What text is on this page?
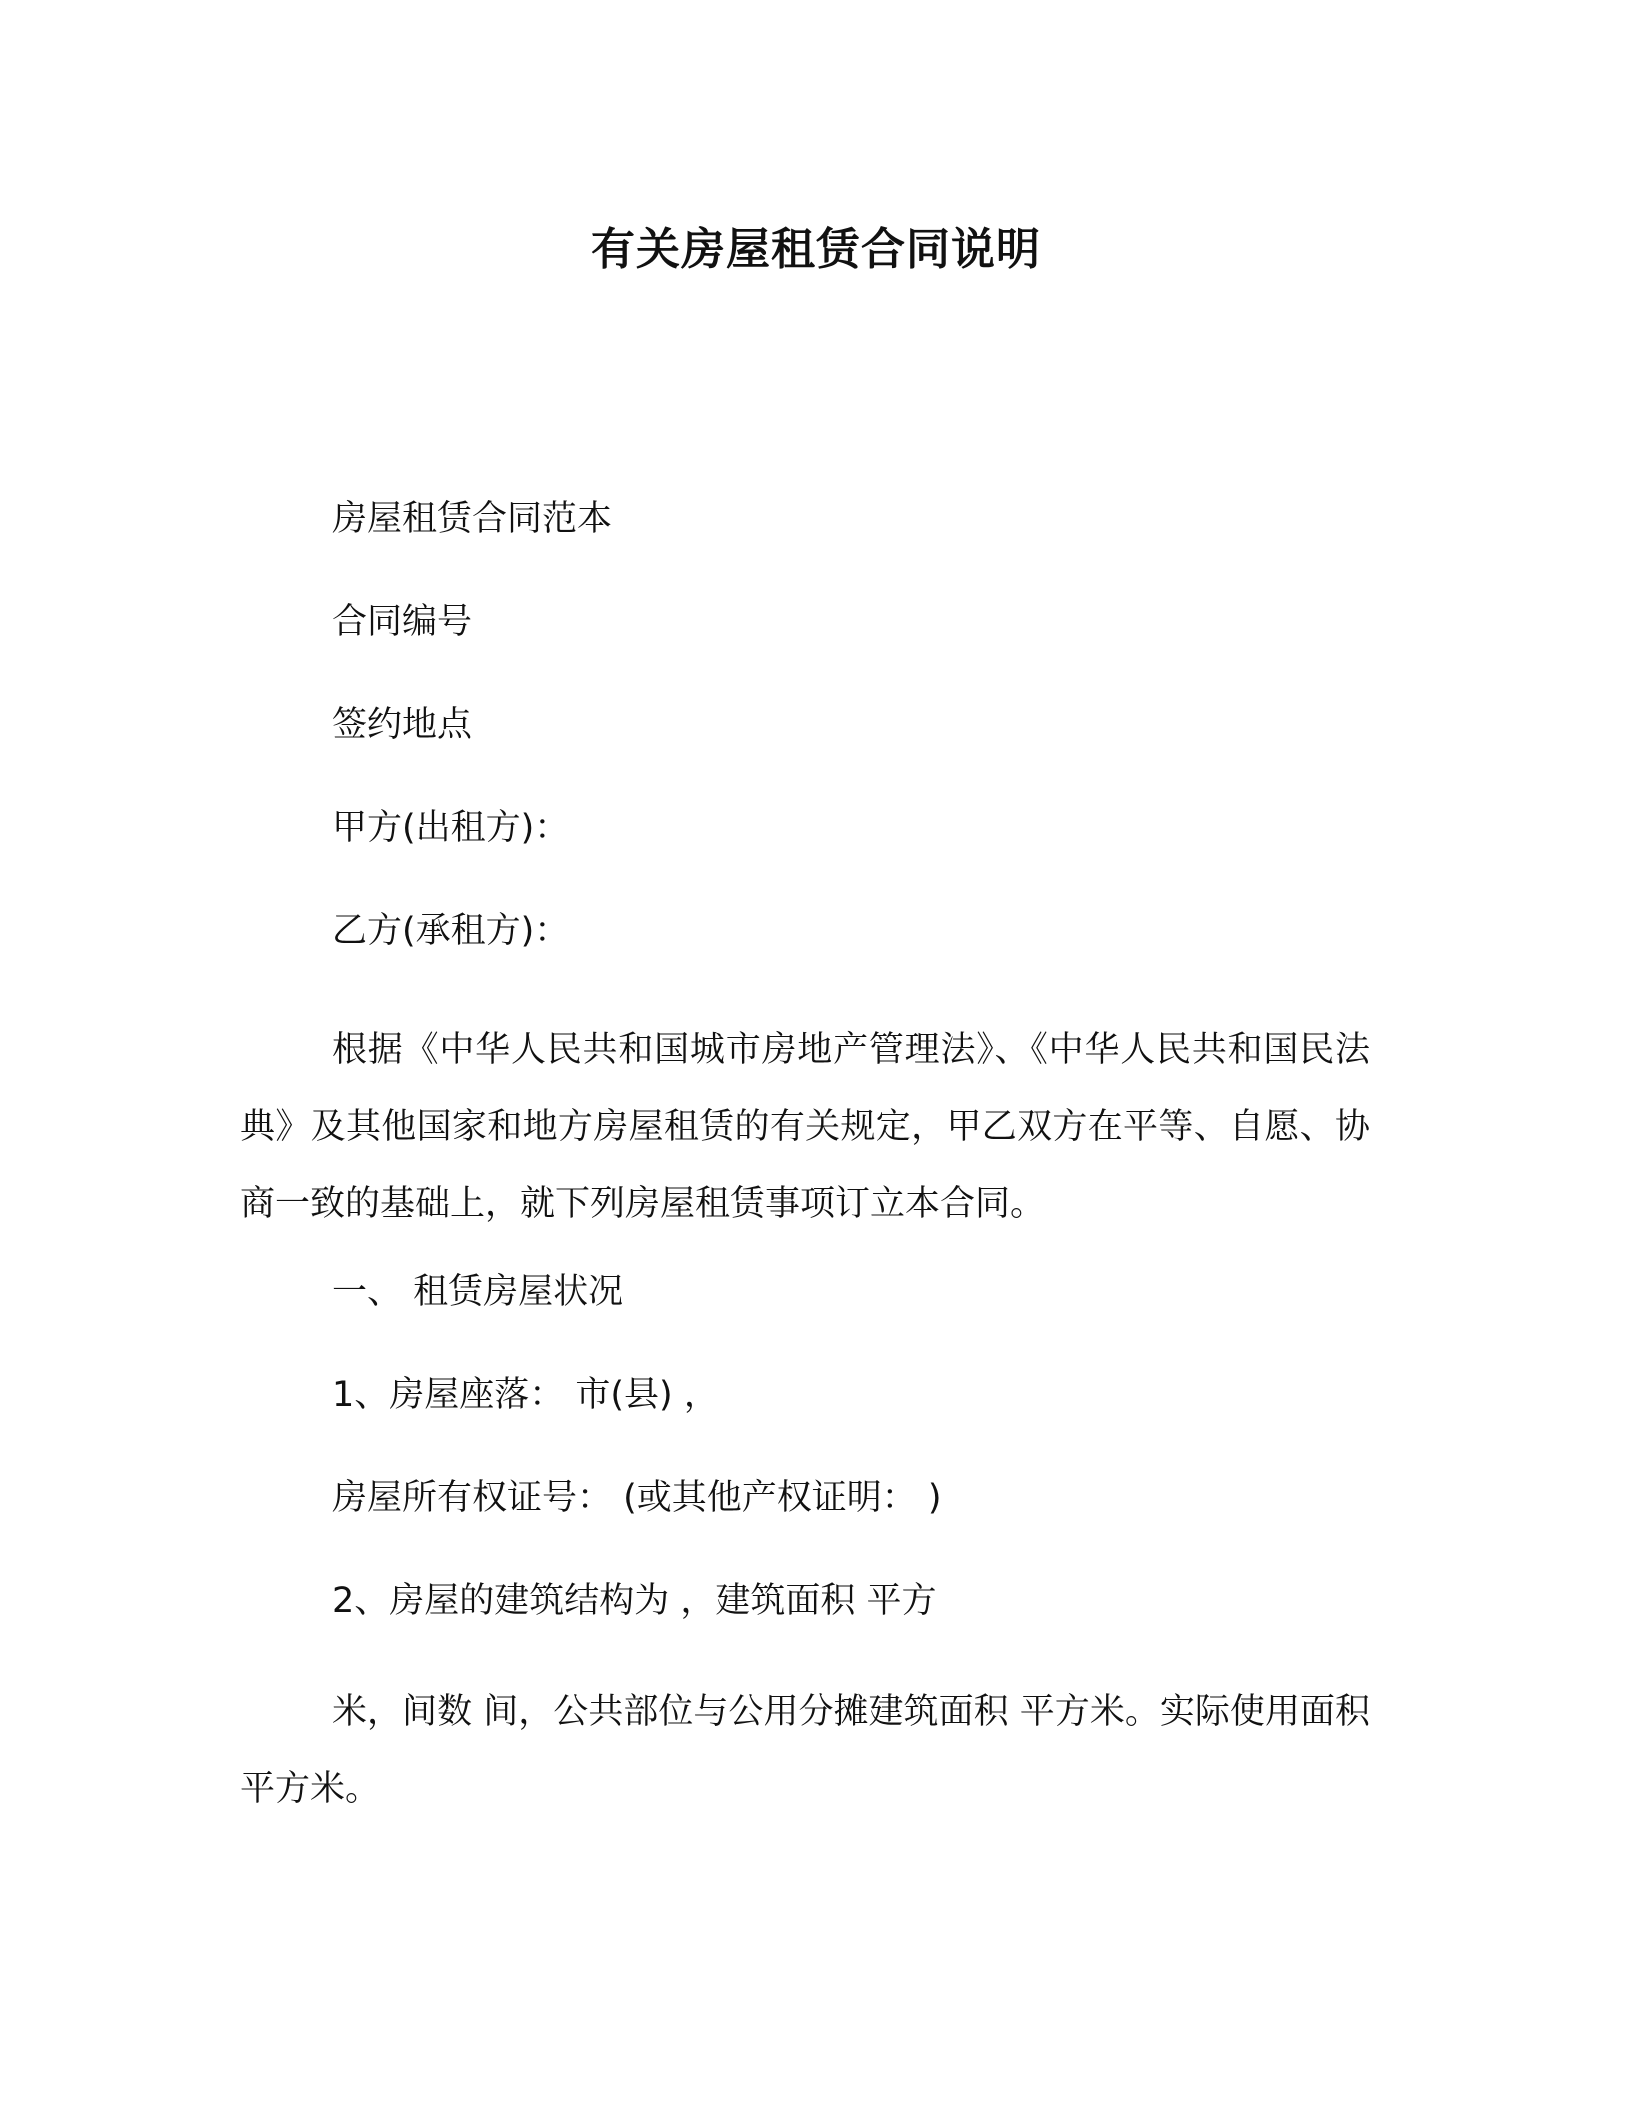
有关房屋租赁合同说明
房屋租赁合同范本
合同编号
签约地点
甲方(出租方)：
乙方(承租方)：

根据《中华人民共和国城市房地产管理法》、《中华人民共和国民法典》及其他国家和地方房屋租赁的有关规定，甲乙双方在平等、自愿、协商一致的基础上，就下列房屋租赁事项订立本合同。

一、 租赁房屋状况
1、房屋座落： 市(县) ，
房屋所有权证号： (或其他产权证明： )
2、房屋的建筑结构为 ，建筑面积 平方

米，间数 间，公共部位与公用分摊建筑面积 平方米。实际使用面积 平方米。
